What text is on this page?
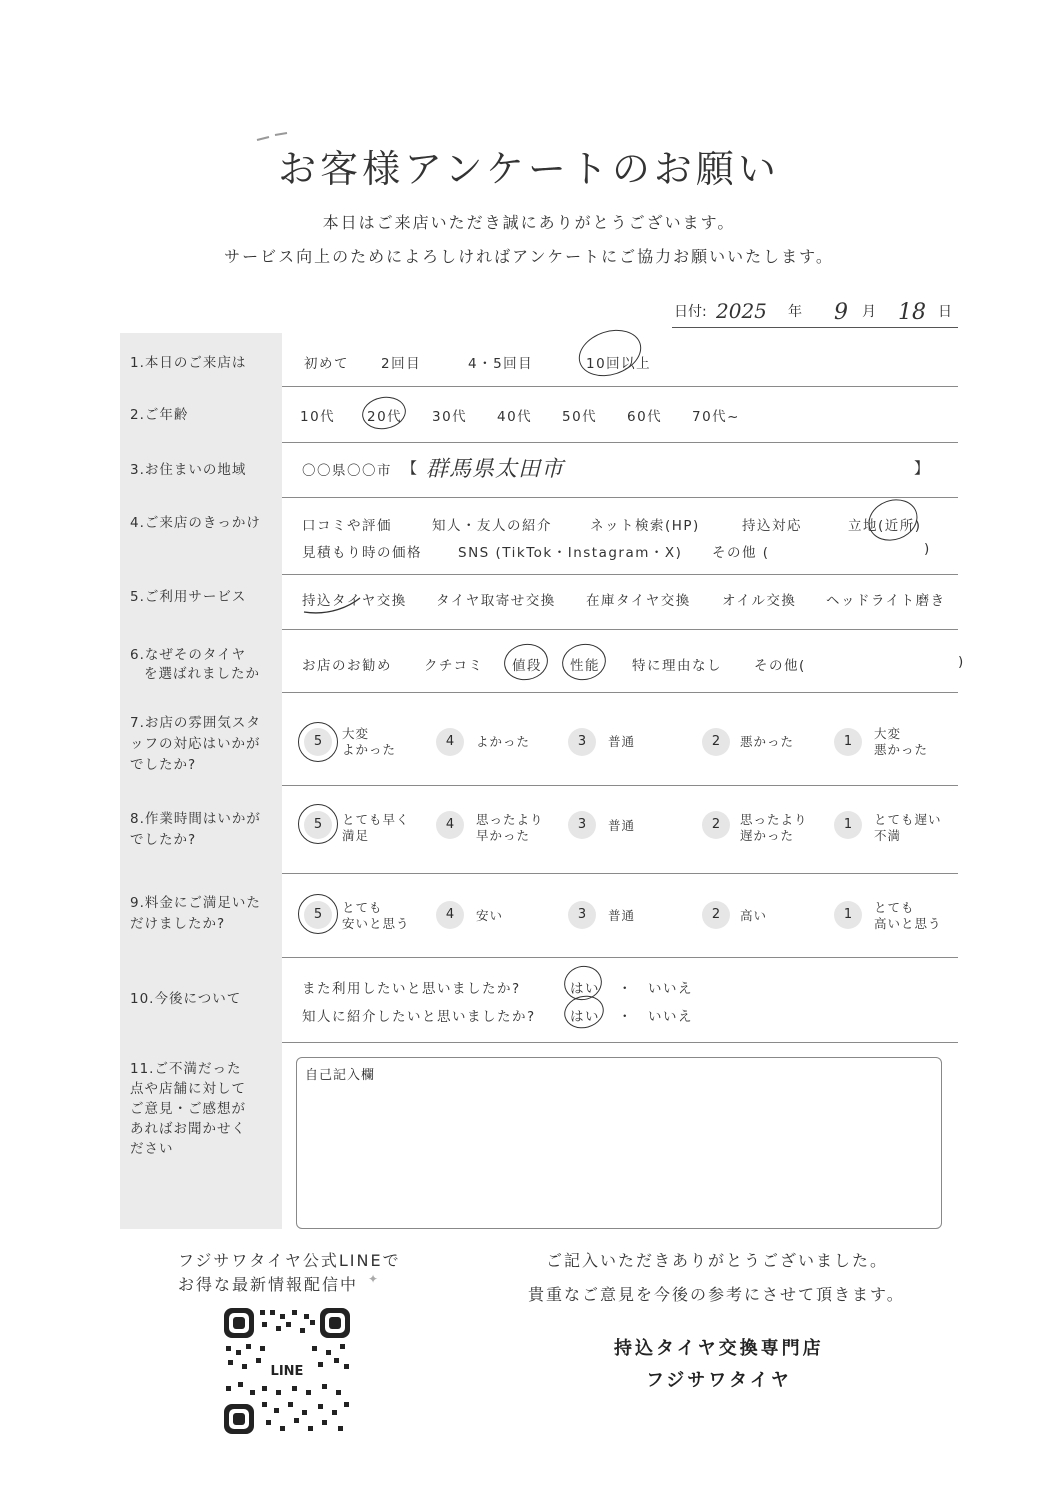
お客様アンケートのお願い
本日はご来店いただき誠にありがとうございます。
サービス向上のためによろしければアンケートにご協力お願いいたします。
日付: 2025 年 9 月 18 日
1.本日のご来店は	初めて 2回目	4・5回目	10回以上
2.ご年齢	10代 20代 30代 40代 50代 60代 70代~
3.お住まいの地域	〇〇県〇〇市 【 群馬県太田市	】
4.ご来店のきっかけ	口コミや評価	知人・友人の紹介	ネット検索(HP)	持込対応	立地(近所)
見積もり時の価格	SNS (TikTok・Instagram・X) その他 (	)
5.ご利用サービス	持込タイヤ交換 タイヤ取寄せ交換 在庫タイヤ交換 オイル交換 ヘッドライト磨き
6.なぜそのタイヤ
を選ばれましたか	お店のお勧め クチコミ 値段 性能 特に理由なし その他(	)
7.お店の雰囲気スタ
ッフの対応はいかが
でしたか?
5
大変
よかった
4	よかった	3	普通	2	悪かった	1
大変
悪かった
8.作業時間はいかが
でしたか?
5	とても早く
満足
4	思ったより
早かった
3	普通	2	思ったより
遅かった
1	とても遅い
不満
9.料金にご満足いた
だけましたか?
5	とても
安いと思う
4	安い	3	普通	2	高い	1	とても
高いと思う
10.今後について
また利用したいと思いましたか?	はい ・ いいえ
知人に紹介したいと思いましたか?	はい ・ いいえ
11.ご不満だった
点や店舗に対して
ご意見・ご感想が
あればお聞かせく
ださい
自己記入欄
フジサワタイヤ公式LINEで
お得な最新情報配信中 ✦
LINE
ご記入いただきありがとうございました。
貴重なご意見を今後の参考にさせて頂きます。
持込タイヤ交換専門店
フジサワタイヤ
